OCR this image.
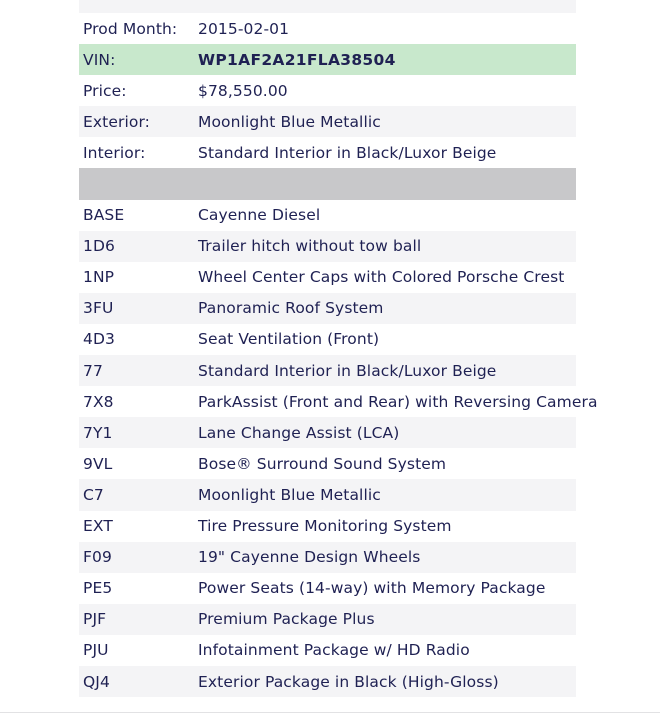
Prod Month:	2015-02-01
VIN:	WP1AF2A21FLA38504
Price:	$78,550.00
Exterior:	Moonlight Blue Metallic
Interior:	Standard Interior in Black/Luxor Beige
BASE	Cayenne Diesel
1D6	Trailer hitch without tow ball
1NP	Wheel Center Caps with Colored Porsche Crest
3FU	Panoramic Roof System
4D3	Seat Ventilation (Front)
77	Standard Interior in Black/Luxor Beige
7X8	ParkAssist (Front and Rear) with Reversing Camera
7Y1	Lane Change Assist (LCA)
9VL	Bose® Surround Sound System
C7	Moonlight Blue Metallic
EXT	Tire Pressure Monitoring System
F09	19" Cayenne Design Wheels
PE5	Power Seats (14-way) with Memory Package
PJF	Premium Package Plus
PJU	Infotainment Package w/ HD Radio
QJ4	Exterior Package in Black (High-Gloss)
